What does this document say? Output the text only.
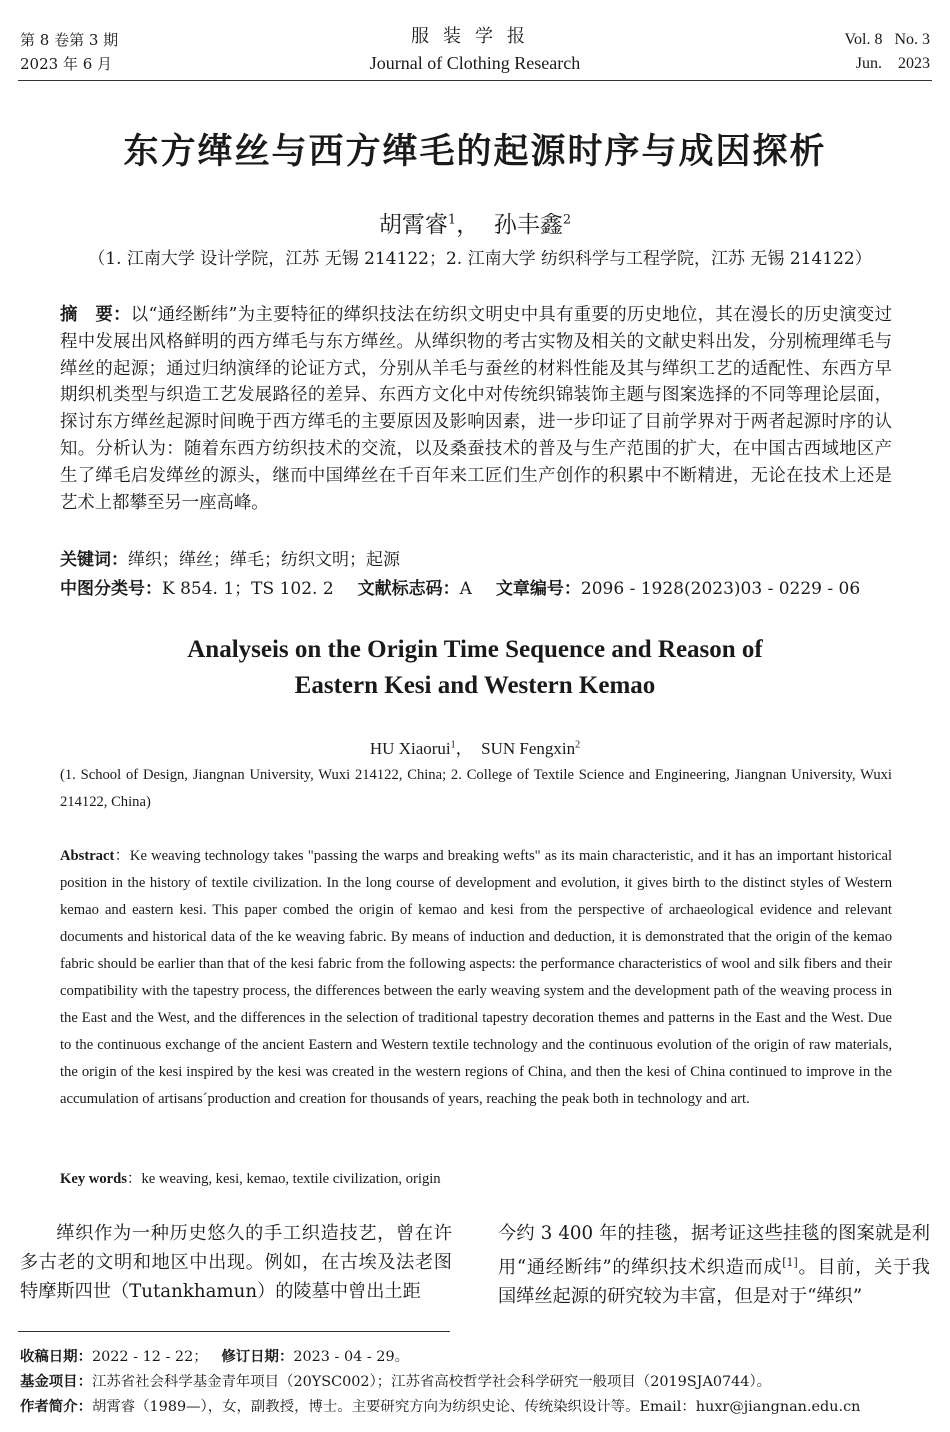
第 8 卷第 3 期
2023 年 6 月
服装学报
Journal of Clothing Research
Vol. 8 No. 3
Jun. 2023
东方缂丝与西方缂毛的起源时序与成因探析
胡霄睿$^1$， 孙丰鑫$^2$
（1. 江南大学 设计学院，江苏 无锡 214122；2. 江南大学 纺织科学与工程学院，江苏 无锡 214122）
摘　要：以“通经断纬”为主要特征的缂织技法在纺织文明史中具有重要的历史地位，其在漫长的历史演变过程中发展出风格鲜明的西方缂毛与东方缂丝。从缂织物的考古实物及相关的文献史料出发，分别梳理缂毛与缂丝的起源；通过归纳演绎的论证方式，分别从羊毛与蚕丝的材料性能及其与缂织工艺的适配性、东西方早期织机类型与织造工艺发展路径的差异、东西方文化中对传统织锦装饰主题与图案选择的不同等理论层面，探讨东方缂丝起源时间晚于西方缂毛的主要原因及影响因素，进一步印证了目前学界对于两者起源时序的认知。分析认为：随着东西方纺织技术的交流，以及桑蚕技术的普及与生产范围的扩大，在中国古西域地区产生了缂毛启发缂丝的源头，继而中国缂丝在千百年来工匠们生产创作的积累中不断精进，无论在技术上还是艺术上都攀至另一座高峰。
关键词：缂织；缂丝；缂毛；纺织文明；起源
中图分类号：K 854. 1；TS 102. 2 文献标志码：A 文章编号：2096 - 1928(2023)03 - 0229 - 06
Analyseis on the Origin Time Sequence and Reason of
Eastern Kesi and Western Kemao
HU Xiaorui$^1$， SUN Fengxin$^2$
(1. School of Design, Jiangnan University, Wuxi 214122, China; 2. College of Textile Science and Engineering, Jiangnan University, Wuxi 214122, China)
Abstract：Ke weaving technology takes "passing the warps and breaking wefts" as its main characteristic, and it has an important historical position in the history of textile civilization. In the long course of development and evolution, it gives birth to the distinct styles of Western kemao and eastern kesi. This paper combed the origin of kemao and kesi from the perspective of archaeological evidence and relevant documents and historical data of the ke weaving fabric. By means of induction and deduction, it is demonstrated that the origin of the kemao fabric should be earlier than that of the kesi fabric from the following aspects: the performance characteristics of wool and silk fibers and their compatibility with the tapestry process, the differences between the early weaving system and the development path of the weaving process in the East and the West, and the differences in the selection of traditional tapestry decoration themes and patterns in the East and the West. Due to the continuous exchange of the ancient Eastern and Western textile technology and the continuous evolution of the origin of raw materials, the origin of the kesi inspired by the kesi was created in the western regions of China, and then the kesi of China continued to improve in the accumulation of artisans´production and creation for thousands of years, reaching the peak both in technology and art.
Key words：ke weaving, kesi, kemao, textile civilization, origin
缂织作为一种历史悠久的手工织造技艺，曾在许多古老的文明和地区中出现。例如，在古埃及法老图特摩斯四世（Tutankhamun）的陵墓中曾出土距
今约 3 400 年的挂毯，据考证这些挂毯的图案就是利用“通经断纬”的缂织技术织造而成[1]。目前，关于我国缂丝起源的研究较为丰富，但是对于“缂织”
收稿日期：2022 - 12 - 22； 修订日期：2023 - 04 - 29。
基金项目：江苏省社会科学基金青年项目（20YSC002）；江苏省高校哲学社会科学研究一般项目（2019SJA0744）。
作者简介：胡霄睿（1989—），女，副教授，博士。主要研究方向为纺织史论、传统染织设计等。Email：huxr@jiangnan.edu.cn
